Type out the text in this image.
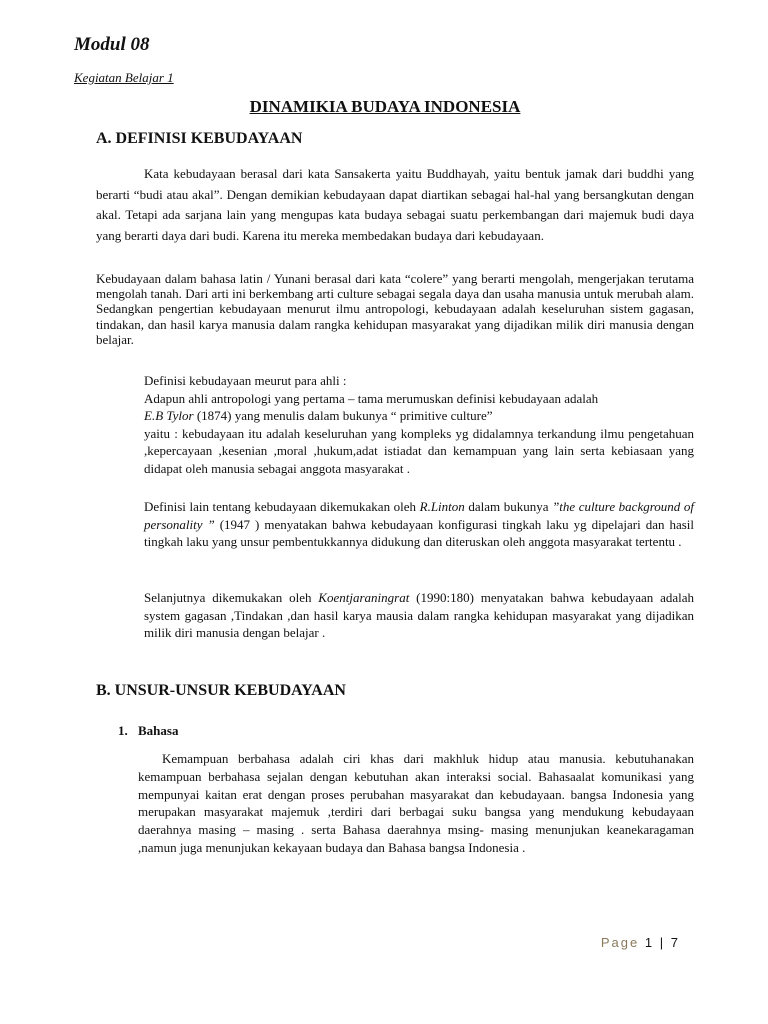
Modul 08

Kegiatan Belajar 1

DINAMIKIA BUDAYA INDONESIA
A. DEFINISI KEBUDAYAAN

Kata kebudayaan berasal dari kata Sansakerta yaitu Buddhayah, yaitu bentuk jamak dari buddhi yang berarti “budi atau akal”. Dengan demikian kebudayaan dapat diartikan sebagai hal-hal yang bersangkutan dengan akal. Tetapi ada sarjana lain yang mengupas kata budaya sebagai suatu perkembangan dari majemuk budi daya yang berarti daya dari budi. Karena itu mereka membedakan budaya dari kebudayaan.

Kebudayaan dalam bahasa latin / Yunani berasal dari kata “colere” yang berarti mengolah, mengerjakan terutama mengolah tanah. Dari arti ini berkembang arti culture sebagai segala daya dan usaha manusia untuk merubah alam. Sedangkan pengertian kebudayaan menurut ilmu antropologi, kebudayaan adalah keseluruhan sistem gagasan, tindakan, dan hasil karya manusia dalam rangka kehidupan masyarakat yang dijadikan milik diri manusia dengan belajar.

Definisi kebudayaan meurut para ahli :
Adapun ahli antropologi yang pertama – tama merumuskan definisi kebudayaan adalah
E.B Tylor (1874) yang menulis dalam bukunya “ primitive culture”
yaitu : kebudayaan itu adalah keseluruhan yang kompleks yg didalamnya terkandung ilmu pengetahuan ,kepercayaan ,kesenian ,moral ,hukum,adat istiadat dan kemampuan yang lain serta kebiasaan yang didapat oleh manusia sebagai anggota masyarakat .

Definisi lain tentang kebudayaan dikemukakan oleh R.Linton dalam bukunya ”the culture background of personality ” (1947 ) menyatakan bahwa kebudayaan konfigurasi tingkah laku yg dipelajari dan hasil tingkah laku yang unsur pembentukkannya didukung dan diteruskan oleh anggota masyarakat tertentu .

Selanjutnya dikemukakan oleh Koentjaraningrat (1990:180) menyatakan bahwa kebudayaan adalah system gagasan ,Tindakan ,dan hasil karya mausia dalam rangka kehidupan masyarakat yang dijadikan milik diri manusia dengan belajar .

B. UNSUR-UNSUR KEBUDAYAAN
1. Bahasa

Kemampuan berbahasa adalah ciri khas dari makhluk hidup atau manusia. kebutuhanakan kemampuan berbahasa sejalan dengan kebutuhan akan interaksi social. Bahasaalat komunikasi yang mempunyai kaitan erat dengan proses perubahan masyarakat dan kebudayaan. bangsa Indonesia yang merupakan masyarakat majemuk ,terdiri dari berbagai suku bangsa yang mendukung kebudayaan daerahnya masing – masing . serta Bahasa daerahnya msing- masing menunjukan keanekaragaman ,namun juga menunjukan kekayaan budaya dan Bahasa bangsa Indonesia .

Page 1 | 7
